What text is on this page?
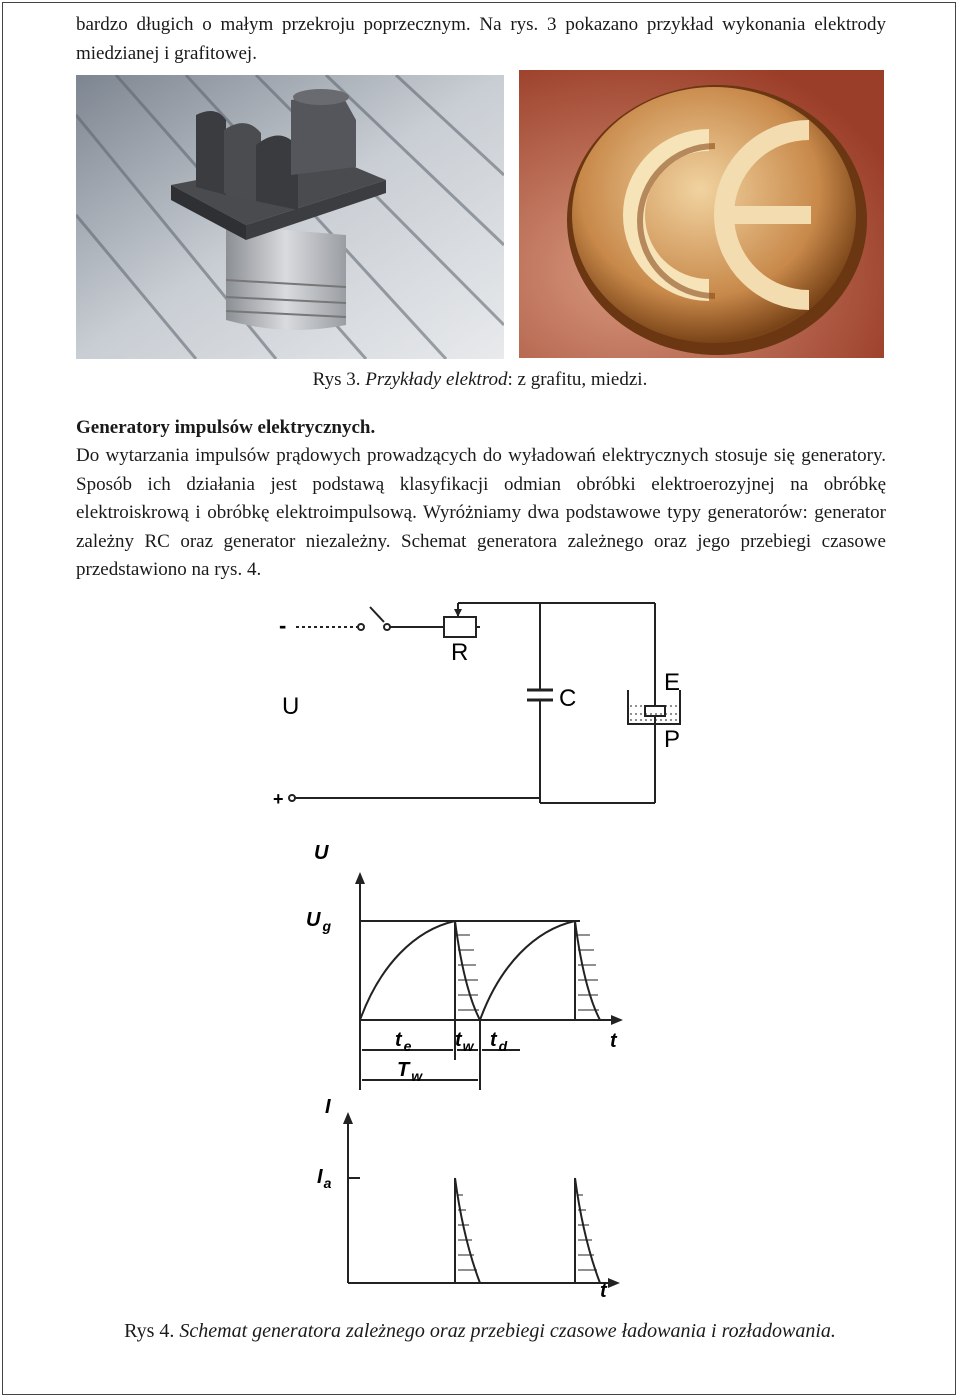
bardzo długich o małym przekroju poprzecznym. Na rys. 3 pokazano przykład wykonania elektrody miedzianej i grafitowej.

Rys 3. Przykłady elektrod: z grafitu, miedzi.

Generatory impulsów elektrycznych.

Do wytarzania impulsów prądowych prowadzących do wyładowań elektrycznych stosuje się generatory. Sposób ich działania jest podstawą klasyfikacji odmian obróbki elektroerozyjnej na obróbkę elektroiskrową i obróbkę elektroimpulsową. Wyróżniamy dwa podstawowe typy generatorów: generator zależny RC oraz generator niezależny. Schemat generatora zależnego oraz jego przebiegi czasowe przedstawiono na rys. 4.

-
+
U
R
C
E
P
U
U $_g$
t
t $_e$ $t_w$ t $_d$
T $_w$
I
$I_a$
t

Rys 4. Schemat generatora zależnego oraz przebiegi czasowe ładowania i rozładowania.
